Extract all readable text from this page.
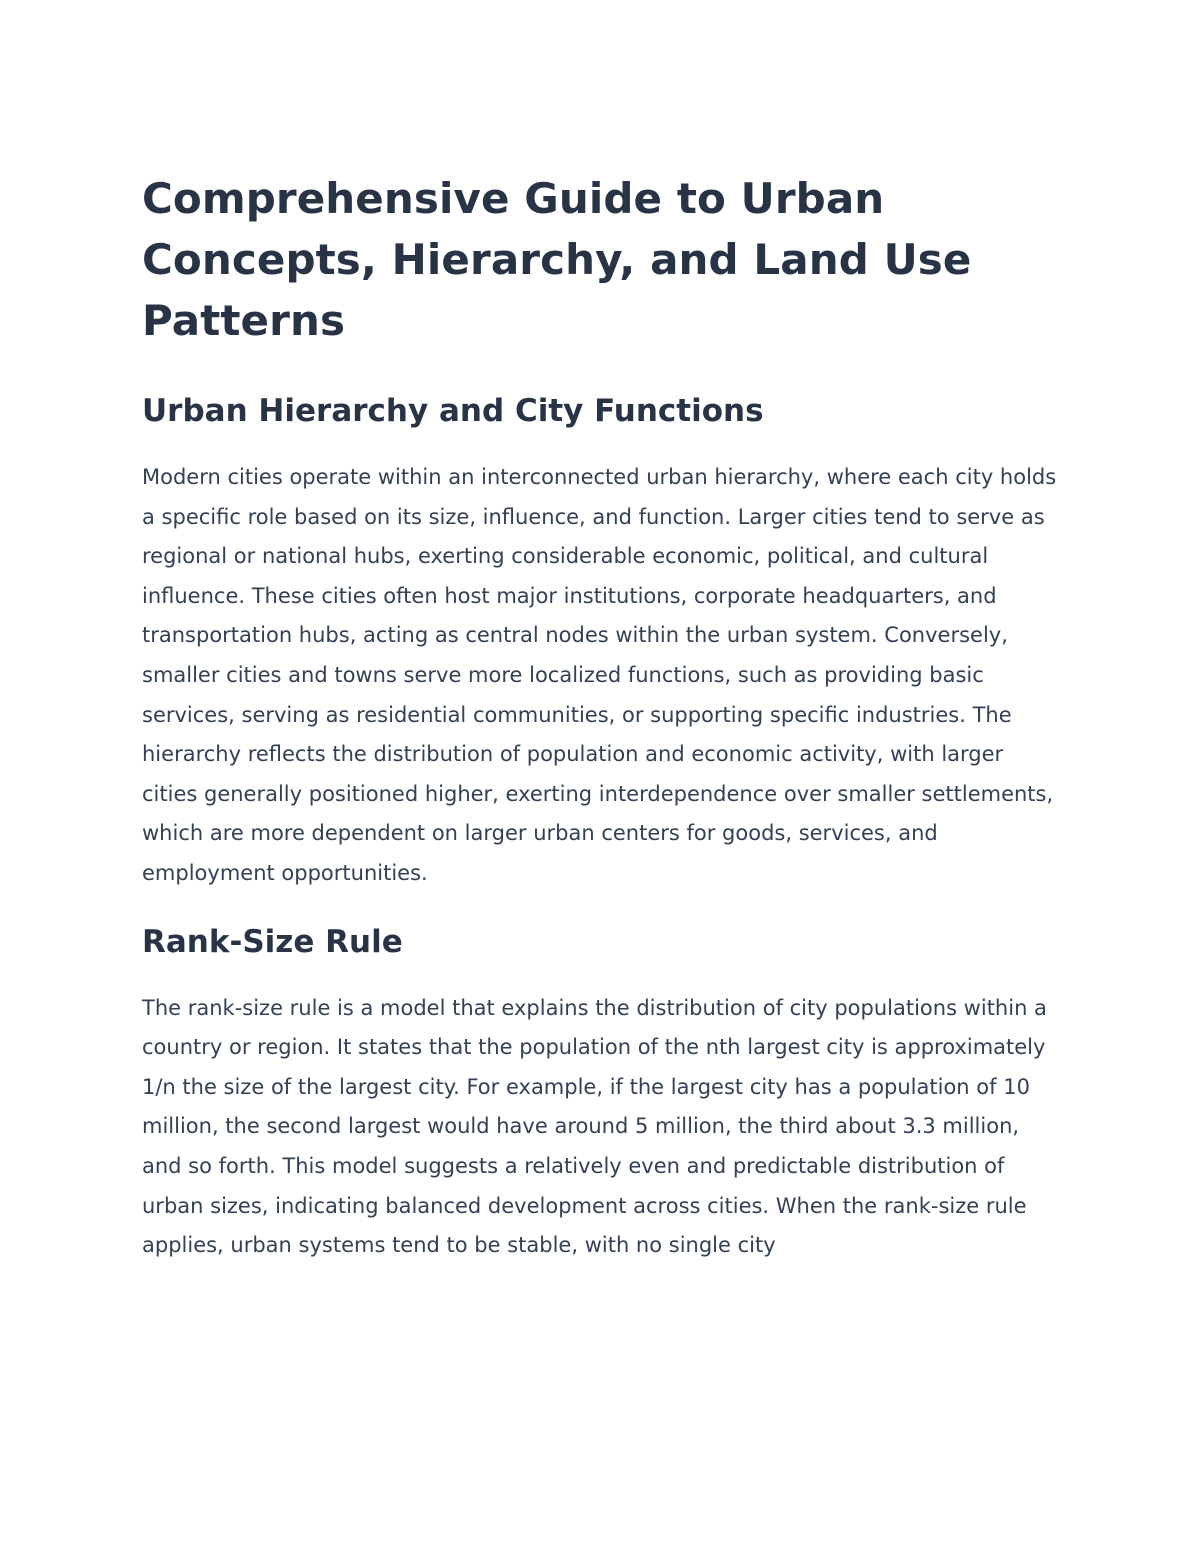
Comprehensive Guide to Urban Concepts, Hierarchy, and Land Use Patterns
Urban Hierarchy and City Functions

Modern cities operate within an interconnected urban hierarchy, where each city holds a specific role based on its size, influence, and function. Larger cities tend to serve as regional or national hubs, exerting considerable economic, political, and cultural influence. These cities often host major institutions, corporate headquarters, and transportation hubs, acting as central nodes within the urban system. Conversely, smaller cities and towns serve more localized functions, such as providing basic services, serving as residential communities, or supporting specific industries. The hierarchy reflects the distribution of population and economic activity, with larger cities generally positioned higher, exerting interdependence over smaller settlements, which are more dependent on larger urban centers for goods, services, and employment opportunities.

Rank-Size Rule

The rank-size rule is a model that explains the distribution of city populations within a country or region. It states that the population of the nth largest city is approximately 1/n the size of the largest city. For example, if the largest city has a population of 10 million, the second largest would have around 5 million, the third about 3.3 million, and so forth. This model suggests a relatively even and predictable distribution of urban sizes, indicating balanced development across cities. When the rank-size rule applies, urban systems tend to be stable, with no single city
